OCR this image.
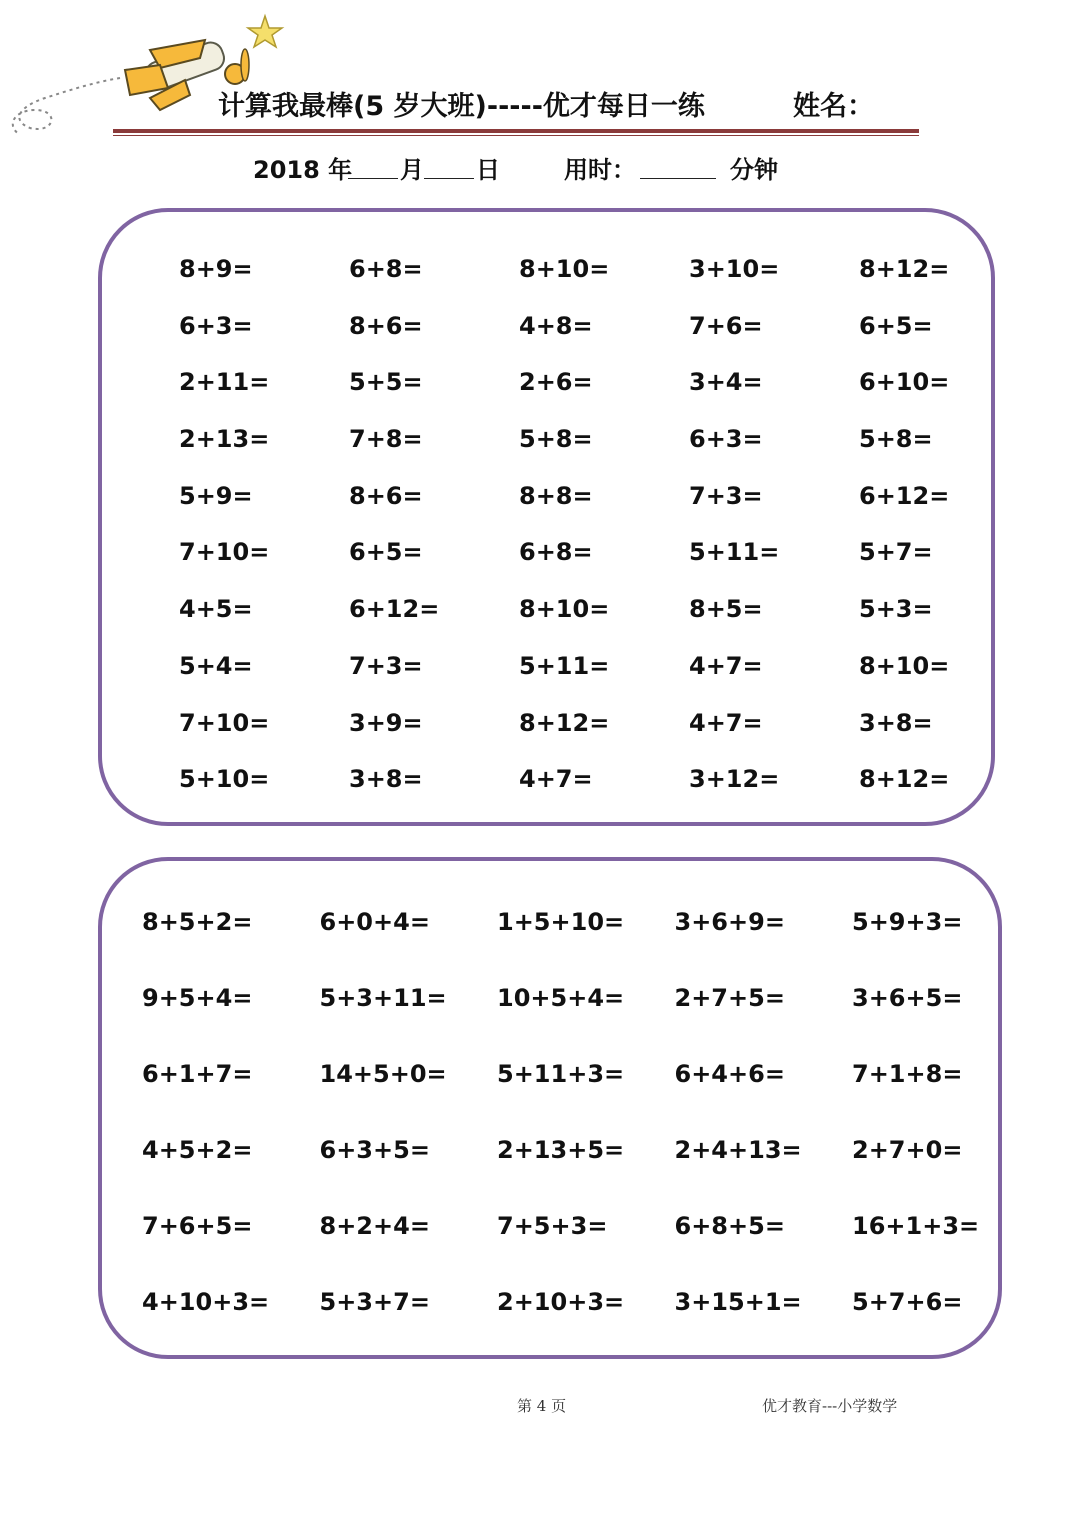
计算我最棒(5 岁大班)-----优才每日一练	姓名：
2018 年 月 日	用时：	分钟
8+9=	6+8=	8+10=	3+10=	8+12=
6+3=	8+6=	4+8=	7+6=	6+5=
2+11=	5+5=	2+6=	3+4=	6+10=
2+13=	7+8=	5+8=	6+3=	5+8=
5+9=	8+6=	8+8=	7+3=	6+12=
7+10=	6+5=	6+8=	5+11=	5+7=
4+5=	6+12=	8+10=	8+5=	5+3=
5+4=	7+3=	5+11=	4+7=	8+10=
7+10=	3+9=	8+12=	4+7=	3+8=
5+10=	3+8=	4+7=	3+12=	8+12=
8+5+2=	6+0+4=	1+5+10=	3+6+9=	5+9+3=
9+5+4=	5+3+11=	10+5+4=	2+7+5=	3+6+5=
6+1+7=	14+5+0=	5+11+3=	6+4+6=	7+1+8=
4+5+2=	6+3+5=	2+13+5=	2+4+13=	2+7+0=
7+6+5=	8+2+4=	7+5+3=	6+8+5=	16+1+3=
4+10+3=	5+3+7=	2+10+3=	3+15+1=	5+7+6=
第 4 页	优才教育---小学数学
